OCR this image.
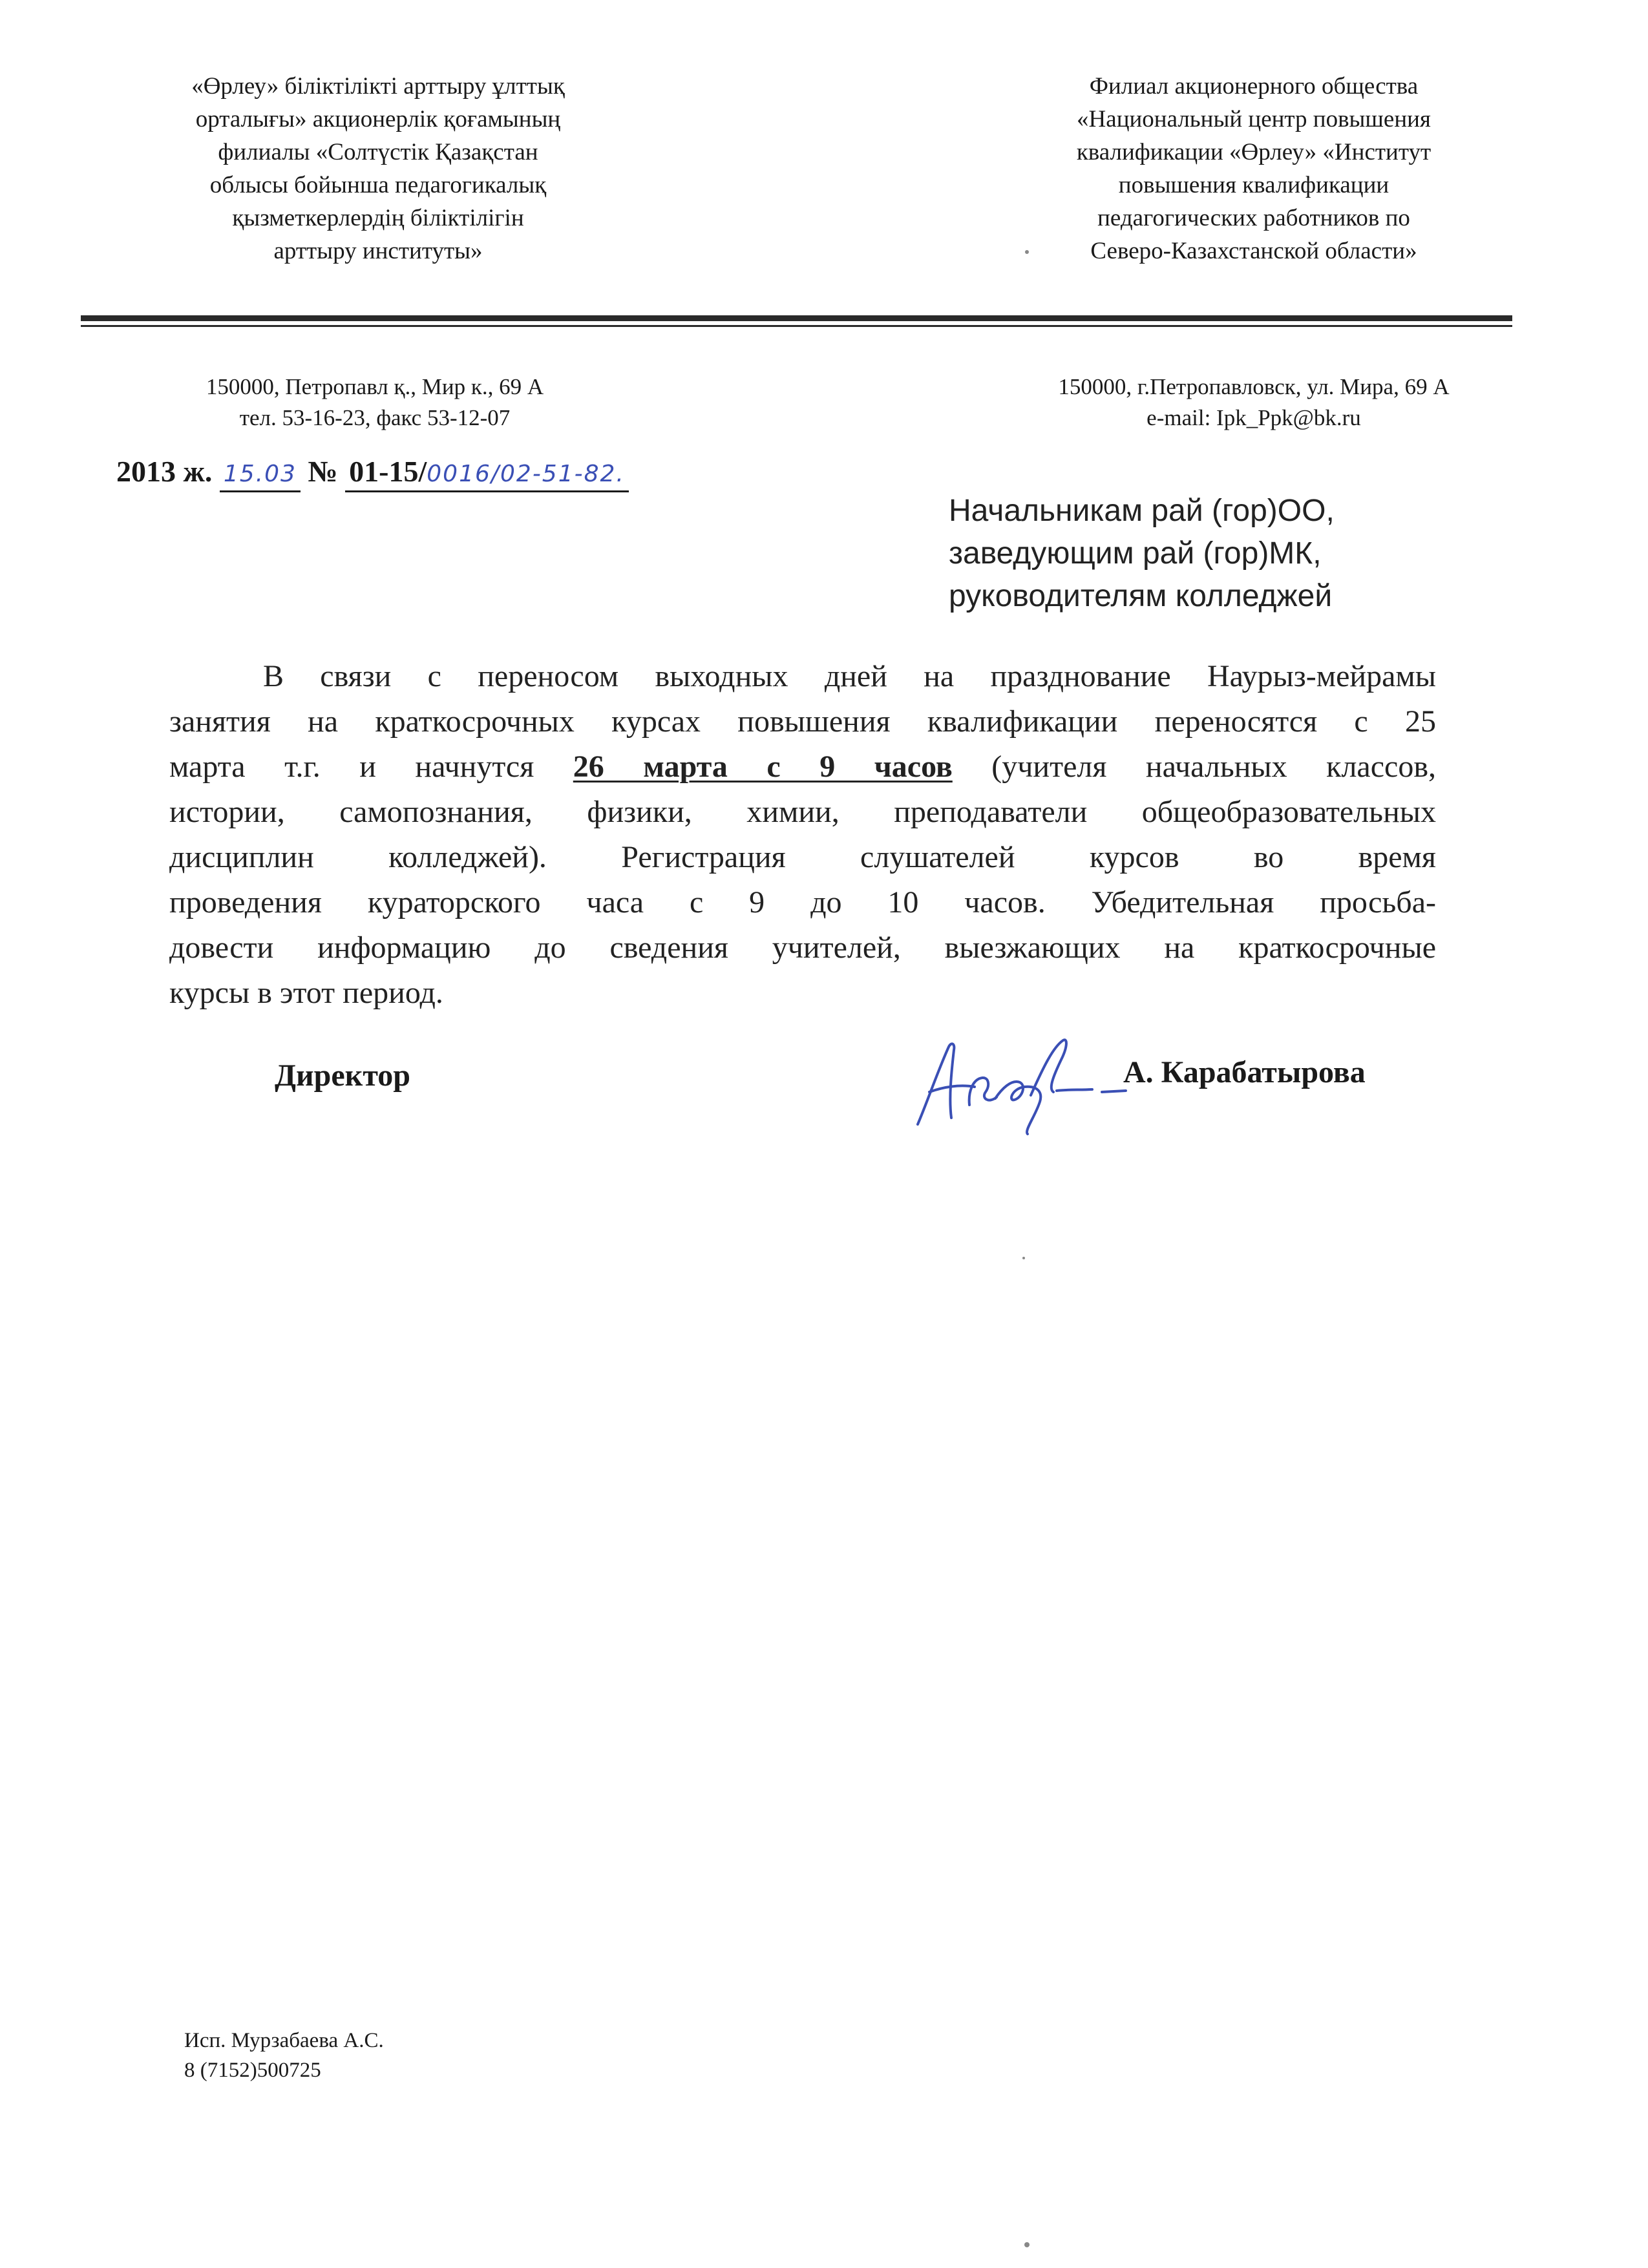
«Өрлеу» біліктілікті арттыру ұлттық
орталығы» акционерлік қоғамының
филиалы «Солтүстік Қазақстан
облысы бойынша педагогикалық
қызметкерлердің біліктілігін
арттыру институты»
Филиал акционерного общества
«Национальный центр повышения
квалификации «Өрлеу» «Институт
повышения квалификации
педагогических работников по
Северо-Казахстанской области»
150000, Петропавл қ., Мир к., 69 А
тел. 53-16-23, факс 53-12-07
150000, г.Петропавловск, ул. Мира, 69 А
e-mail: Ipk_Ppk@bk.ru
2013 ж. 15.03 № 01-15/0016/02-51-82.
Начальникам рай (гор)ОО,
заведующим рай (гор)МК,
руководителям колледжей
В связи с переносом выходных дней на празднование Наурыз-мейрамы
занятия на краткосрочных курсах повышения квалификации переносятся с 25
марта т.г. и начнутся 26 марта с 9 часов (учителя начальных классов,
истории, самопознания, физики, химии, преподаватели общеобразовательных
дисциплин колледжей). Регистрация слушателей курсов во время
проведения кураторского часа с 9 до 10 часов. Убедительная просьба-
довести информацию до сведения учителей, выезжающих на краткосрочные
курсы в этот период.
Директор	А. Карабатырова
Исп. Мурзабаева А.С.
8 (7152)500725
